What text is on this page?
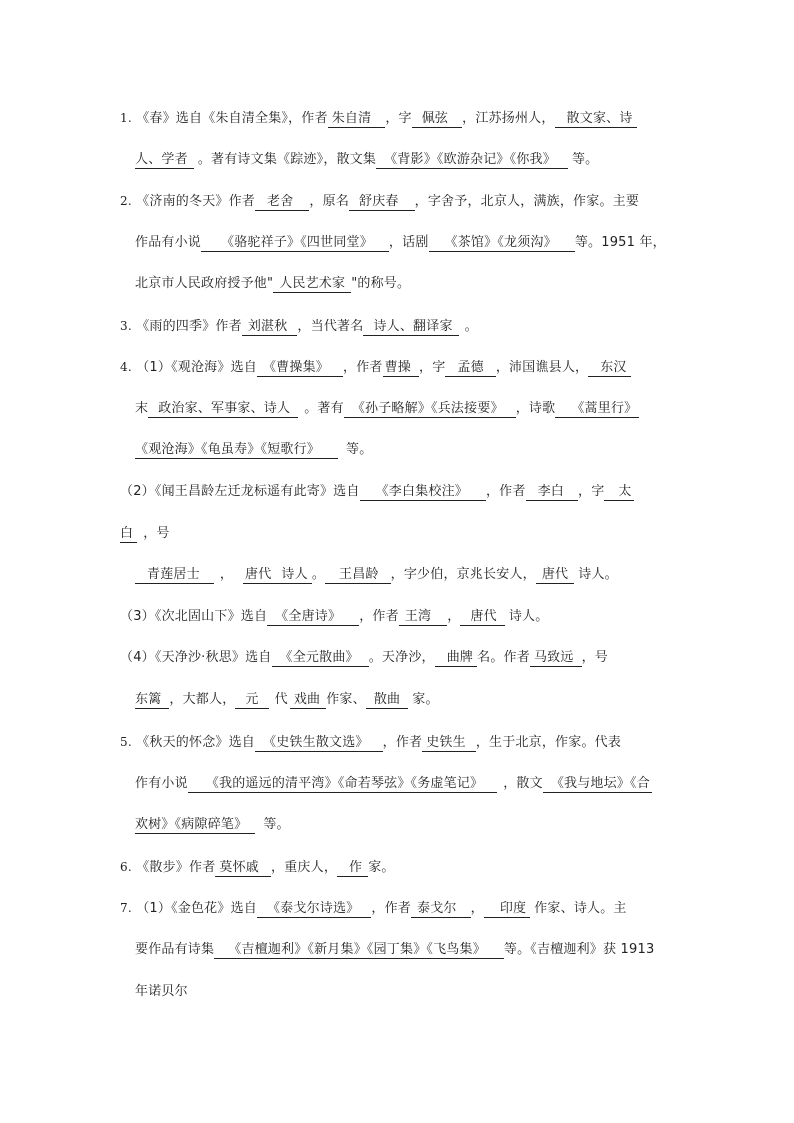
1. 《春》选自《朱自清全集》，作者 朱自清 ，字 佩弦 ，江苏扬州人， 散文家、诗
人、学者 。著有诗文集《踪迹》，散文集 《背影》《欧游杂记》《你我》 等。
2. 《济南的冬天》作者 老舍 ，原名 舒庆春 ，字舍予，北京人，满族，作家。主要
作品有小说 《骆驼祥子》《四世同堂》 ，话剧 《茶馆》《龙须沟》 等。1951 年，
北京市人民政府授予他" 人民艺术家 "的称号。
3. 《雨的四季》作者 刘湛秋 ，当代著名 诗人、翻译家 。
4. （1）《观沧海》选自 《曹操集》 ，作者 曹操 ，字 孟德 ，沛国谯县人， 东汉
末 政治家、军事家、诗人 。著有 《孙子略解》《兵法接要》 ，诗歌 《蒿里行》
《观沧海》《龟虽寿》《短歌行》 等。
（2）《闻王昌龄左迁龙标遥有此寄》选自 《李白集校注》 ，作者 李白 ，字 太
白 ，号
青莲居士 ， 唐代 诗人 。 王昌龄 ，字少伯，京兆长安人， 唐代 诗人。
（3）《次北固山下》选自 《全唐诗》 ，作者 王湾 ， 唐代 诗人。
（4）《天净沙·秋思》选自 《全元散曲》 。天净沙， 曲牌 名。作者 马致远 ，号
东篱 ，大都人， 元 代 戏曲 作家、 散曲 家。
5. 《秋天的怀念》选自 《史铁生散文选》 ，作者 史铁生 ，生于北京，作家。代表
作有小说 《我的遥远的清平湾》《命若琴弦》《务虚笔记》 ，散文 《我与地坛》《合
欢树》《病隙碎笔》 等。
6. 《散步》作者 莫怀戚 ，重庆人， 作 家。
7. （1）《金色花》选自 《泰戈尔诗选》 ，作者 泰戈尔 ， 印度 作家、诗人。主
要作品有诗集 《吉檀迦利》《新月集》《园丁集》《飞鸟集》 等。《吉檀迦利》获 1913
年诺贝尔
